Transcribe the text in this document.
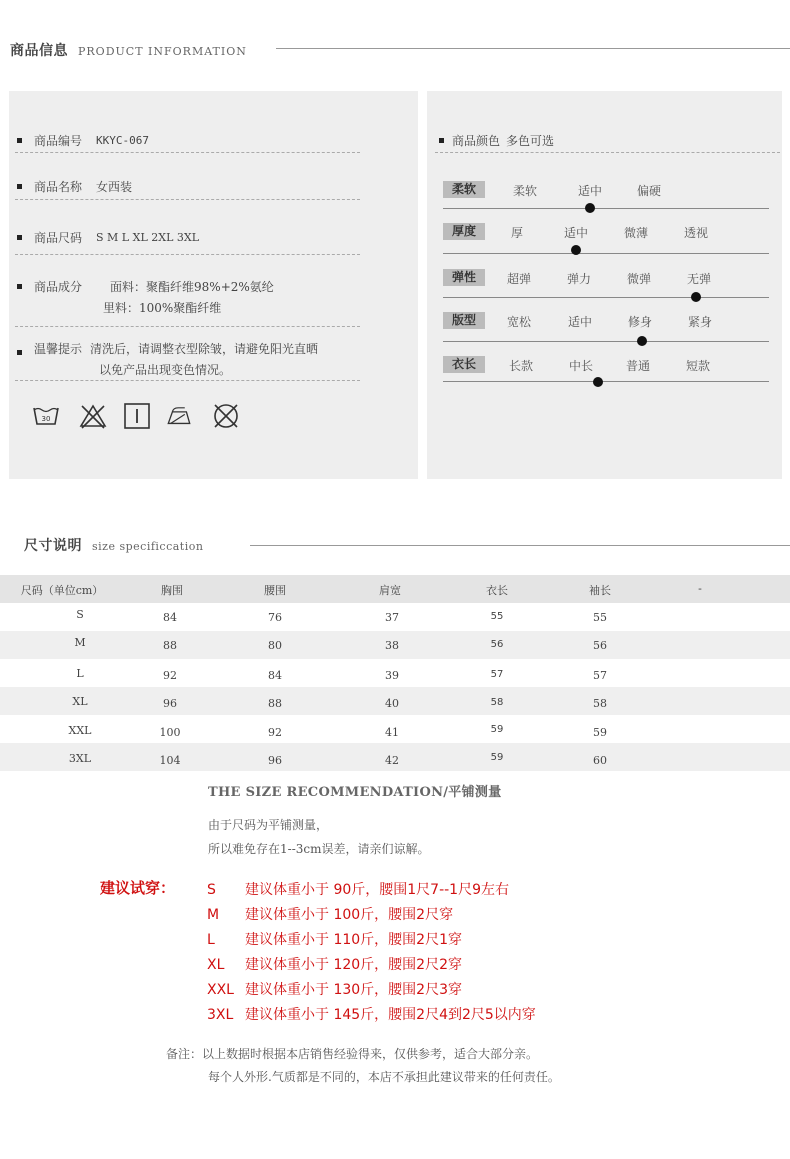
商品信息 PRODUCT INFORMATION
商品编号 KKYC-067
商品名称 女西装
商品尺码 S M L XL 2XL 3XL
商品成分 面料：聚酯纤维98%+2%氨纶
里料：100%聚酯纤维
温馨提示 清洗后，请调整衣型除皱，请避免阳光直晒
以免产品出现变色情况。
30
商品颜色 多色可选
柔软	柔软	适中	偏硬
厚度	厚	适中	微薄	透视
弹性	超弹	弹力	微弹	无弹
版型	宽松	适中	修身	紧身
衣长	长款	中长	普通	短款
尺寸说明 size specificcation
尺码（单位cm）	胸围	腰围	肩宽	衣长	袖长	-
S	84	76	37	55	55
M	88	80	38	56	56
L	92	84	39	57	57
XL	96	88	40	58	58
XXL	100	92	41	59	59
3XL	104	96	42	59	60
THE SIZE RECOMMENDATION/平铺测量
由于尺码为平铺测量，
所以难免存在1--3cm误差，请亲们谅解。
建议试穿： S 建议体重小于 90斤，腰围1尺7--1尺9左右
M 建议体重小于 100斤，腰围2尺穿
L 建议体重小于 110斤，腰围2尺1穿
XL 建议体重小于 120斤，腰围2尺2穿
XXL 建议体重小于 130斤，腰围2尺3穿
3XL 建议体重小于 145斤，腰围2尺4到2尺5以内穿
备注：以上数据时根据本店销售经验得来，仅供参考，适合大部分亲。
每个人外形.气质都是不同的，本店不承担此建议带来的任何责任。
